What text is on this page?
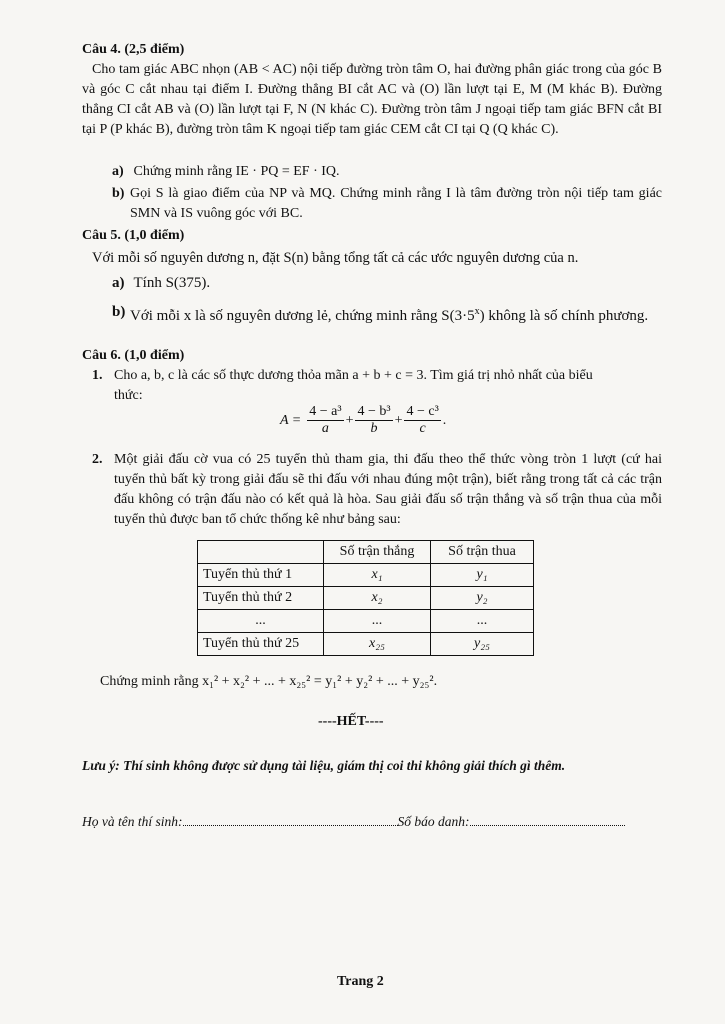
Câu 4. (2,5 điểm)
Cho tam giác ABC nhọn (AB < AC) nội tiếp đường tròn tâm O, hai đường phân giác trong của góc B và góc C cắt nhau tại điểm I. Đường thẳng BI cắt AC và (O) lần lượt tại E, M (M khác B). Đường thẳng CI cắt AB và (O) lần lượt tại F, N (N khác C). Đường tròn tâm J ngoại tiếp tam giác BFN cắt BI tại P (P khác B), đường tròn tâm K ngoại tiếp tam giác CEM cắt CI tại Q (Q khác C).
a) Chứng minh rằng IE · PQ = EF · IQ.
b) Gọi S là giao điểm của NP và MQ. Chứng minh rằng I là tâm đường tròn nội tiếp tam giác SMN và IS vuông góc với BC.
Câu 5. (1,0 điểm)
Với mỗi số nguyên dương n, đặt S(n) bằng tổng tất cả các ước nguyên dương của n.
a) Tính S(375).
b) Với mỗi x là số nguyên dương lẻ, chứng minh rằng $S(3\cdot 5^x)$ không là số chính phương.
Câu 6. (1,0 điểm)
1. Cho a, b, c là các số thực dương thỏa mãn a + b + c = 3. Tìm giá trị nhỏ nhất của biểu thức:
$A = \frac{\text{4 − a³}}{a} + \frac{\text{4 − b³}}{b} + \frac{\text{4 − c³}}{c}$ .
2. Một giải đấu cờ vua có 25 tuyển thủ tham gia, thi đấu theo thể thức vòng tròn 1 lượt (cứ hai tuyển thủ bất kỳ trong giải đấu sẽ thi đấu với nhau đúng một trận), biết rằng trong tất cả các trận đấu không có trận đấu nào có kết quả là hòa. Sau giải đấu số trận thắng và số trận thua của mỗi tuyển thủ được ban tổ chức thống kê như bảng sau:
	Số trận thắng	Số trận thua
Tuyển thủ thứ 1	x₁	y₁
Tuyển thủ thứ 2	x₂	y₂
...	...	...
Tuyển thủ thứ 25	x₂₅	y₂₅
Chứng minh rằng x₁² + x₂² + ... + x₂₅² = y₁² + y₂² + ... + y₂₅².
----HẾT----
Lưu ý: Thí sinh không được sử dụng tài liệu, giám thị coi thi không giải thích gì thêm.
Họ và tên thí sinh:	Số báo danh:
Trang 2
